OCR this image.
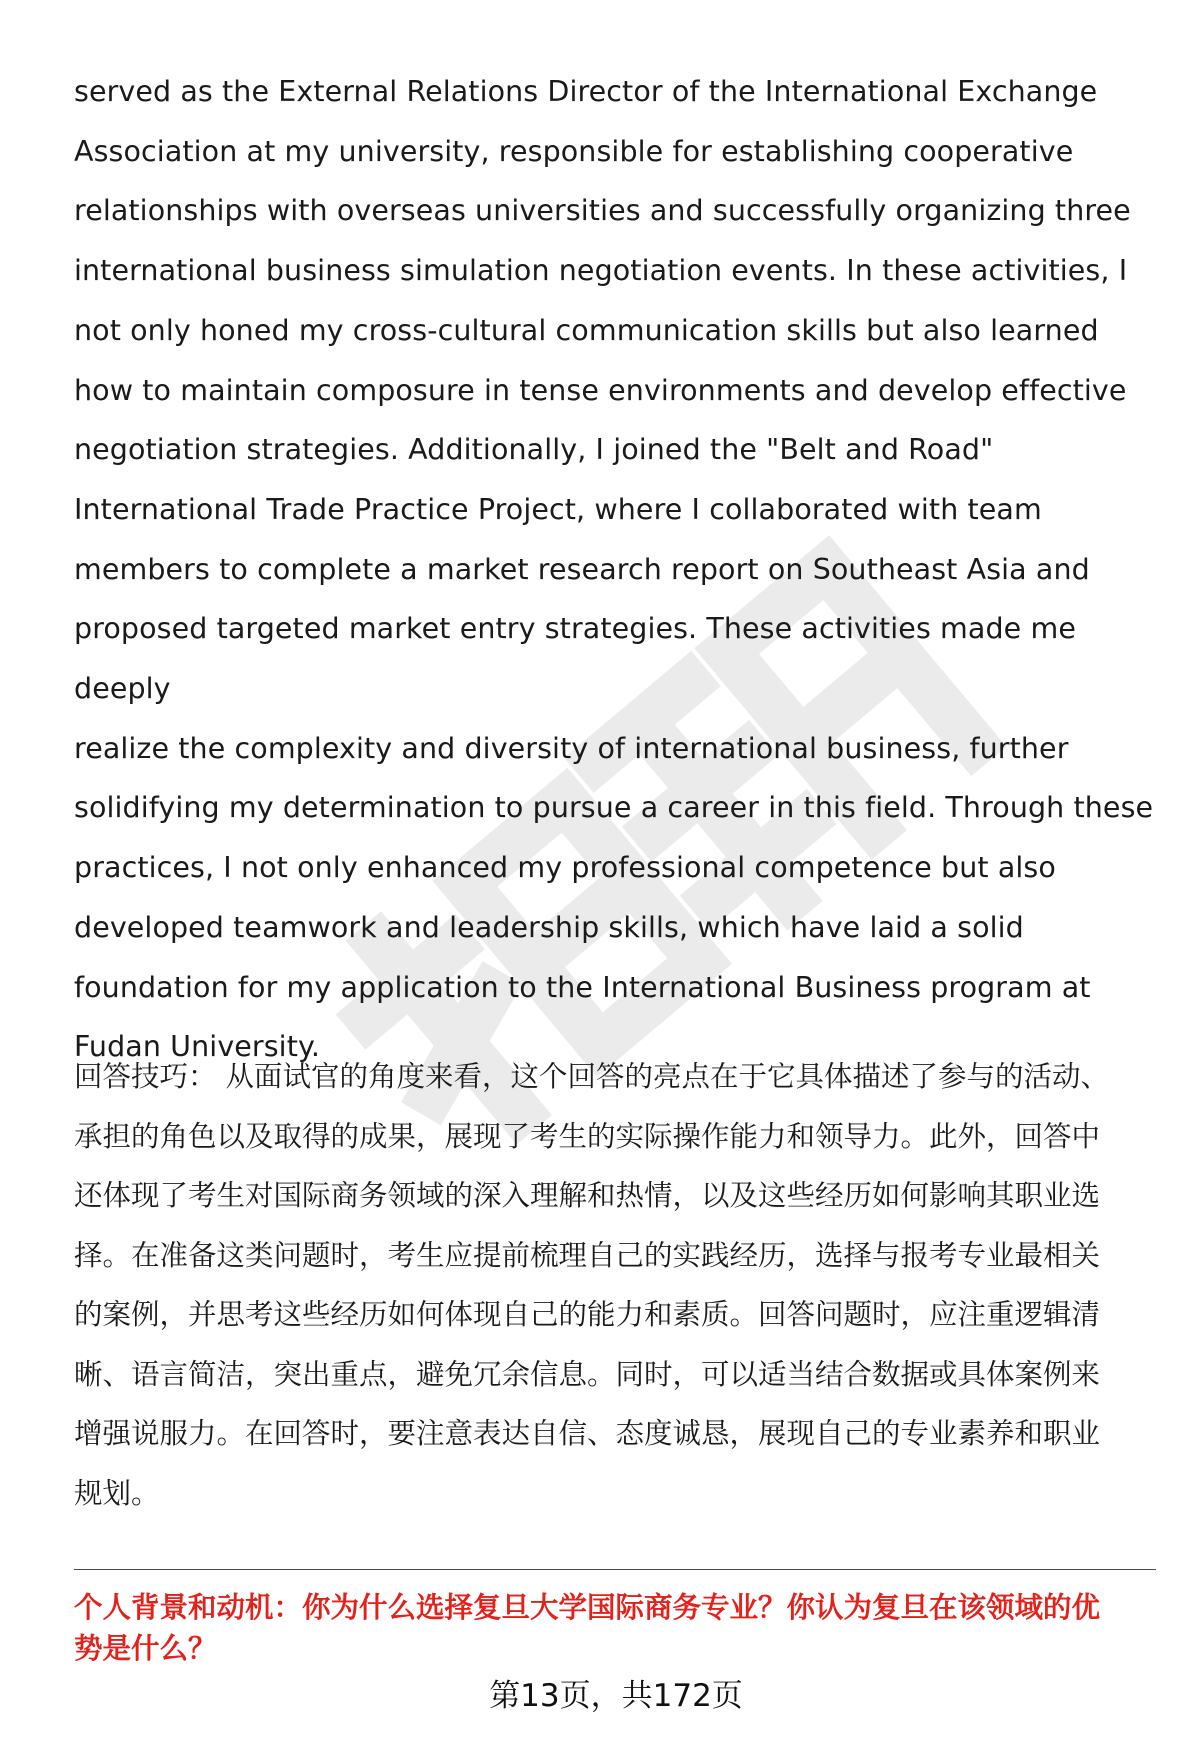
served as the External Relations Director of the International Exchange
Association at my university, responsible for establishing cooperative
relationships with overseas universities and successfully organizing three
international business simulation negotiation events. In these activities, I
not only honed my cross-cultural communication skills but also learned
how to maintain composure in tense environments and develop effective
negotiation strategies. Additionally, I joined the "Belt and Road"
International Trade Practice Project, where I collaborated with team
members to complete a market research report on Southeast Asia and
proposed targeted market entry strategies. These activities made me deeply
realize the complexity and diversity of international business, further
solidifying my determination to pursue a career in this field. Through these
practices, I not only enhanced my professional competence but also
developed teamwork and leadership skills, which have laid a solid
foundation for my application to the International Business program at
Fudan University.

回答技巧： 从面试官的角度来看，这个回答的亮点在于它具体描述了参与的活动、
承担的角色以及取得的成果，展现了考生的实际操作能力和领导力。此外，回答中
还体现了考生对国际商务领域的深入理解和热情，以及这些经历如何影响其职业选
择。在准备这类问题时，考生应提前梳理自己的实践经历，选择与报考专业最相关
的案例，并思考这些经历如何体现自己的能力和素质。回答问题时，应注重逻辑清
晰、语言简洁，突出重点，避免冗余信息。同时，可以适当结合数据或具体案例来
增强说服力。在回答时，要注意表达自信、态度诚恳，展现自己的专业素养和职业
规划。

个人背景和动机：你为什么选择复旦大学国际商务专业？你认为复旦在该领域的优
势是什么？

第13页，共172页
